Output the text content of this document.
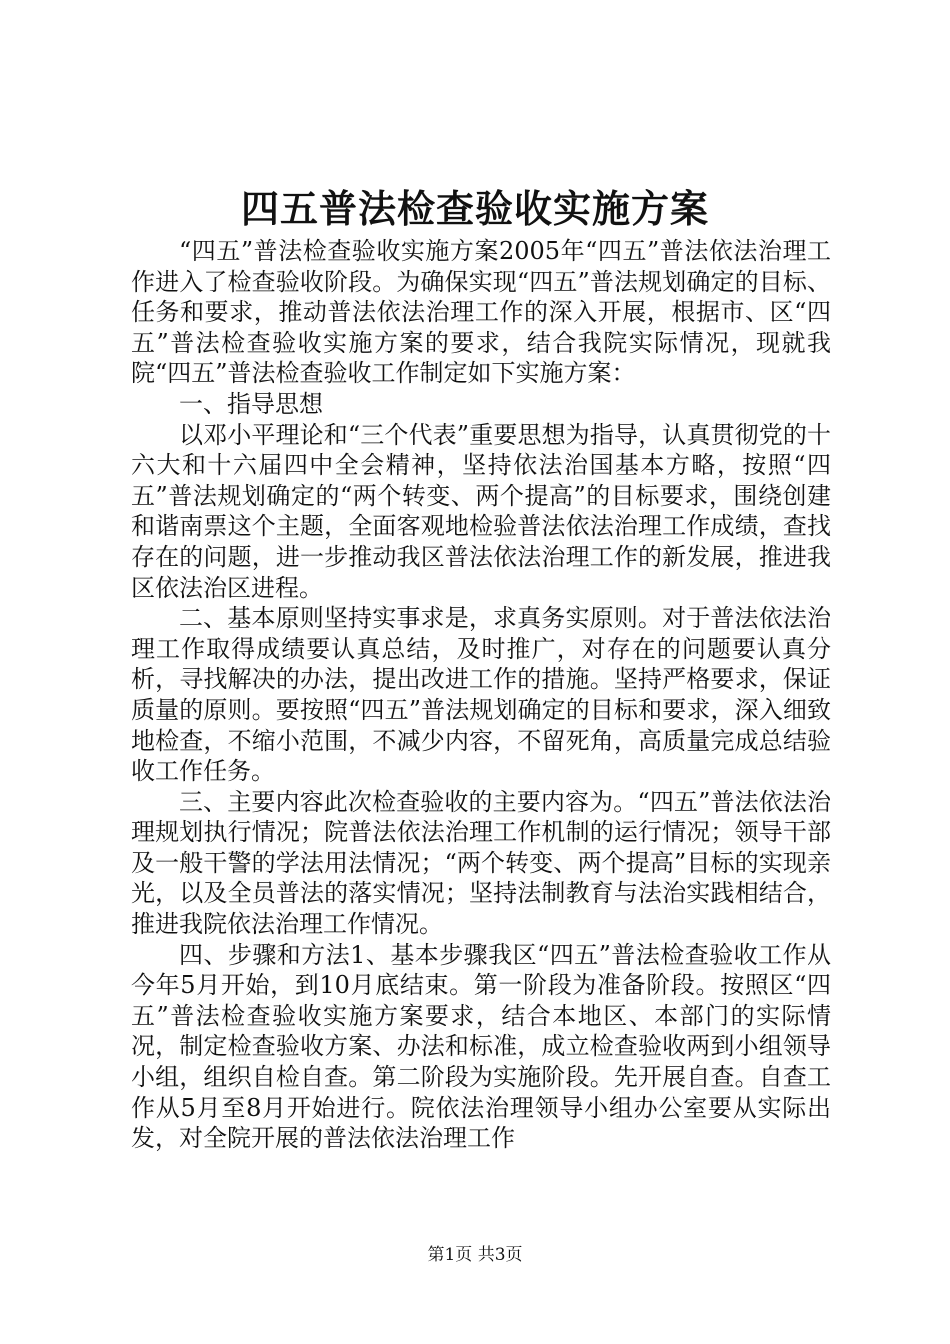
四五普法检查验收实施方案

“四五”普法检查验收实施方案2005年“四五”普法依法治理工作进入了检查验收阶段。为确保实现“四五”普法规划确定的目标、任务和要求，推动普法依法治理工作的深入开展，根据市、区“四五”普法检查验收实施方案的要求，结合我院实际情况，现就我院“四五”普法检查验收工作制定如下实施方案：

一、指导思想

以邓小平理论和“三个代表”重要思想为指导，认真贯彻党的十六大和十六届四中全会精神，坚持依法治国基本方略，按照“四五”普法规划确定的“两个转变、两个提高”的目标要求，围绕创建和谐南票这个主题，全面客观地检验普法依法治理工作成绩，查找存在的问题，进一步推动我区普法依法治理工作的新发展，推进我区依法治区进程。

二、基本原则坚持实事求是，求真务实原则。对于普法依法治理工作取得成绩要认真总结，及时推广，对存在的问题要认真分析，寻找解决的办法，提出改进工作的措施。坚持严格要求，保证质量的原则。要按照“四五”普法规划确定的目标和要求，深入细致地检查，不缩小范围，不减少内容，不留死角，高质量完成总结验收工作任务。

三、主要内容此次检查验收的主要内容为。“四五”普法依法治理规划执行情况；院普法依法治理工作机制的运行情况；领导干部及一般干警的学法用法情况；“两个转变、两个提高”目标的实现亲光，以及全员普法的落实情况；坚持法制教育与法治实践相结合，推进我院依法治理工作情况。

四、步骤和方法1、基本步骤我区“四五”普法检查验收工作从今年5月开始，到10月底结束。第一阶段为准备阶段。按照区“四五”普法检查验收实施方案要求，结合本地区、本部门的实际情况，制定检查验收方案、办法和标准，成立检查验收两到小组领导小组，组织自检自查。第二阶段为实施阶段。先开展自查。自查工作从5月至8月开始进行。院依法治理领导小组办公室要从实际出发，对全院开展的普法依法治理工作

第1页 共3页
